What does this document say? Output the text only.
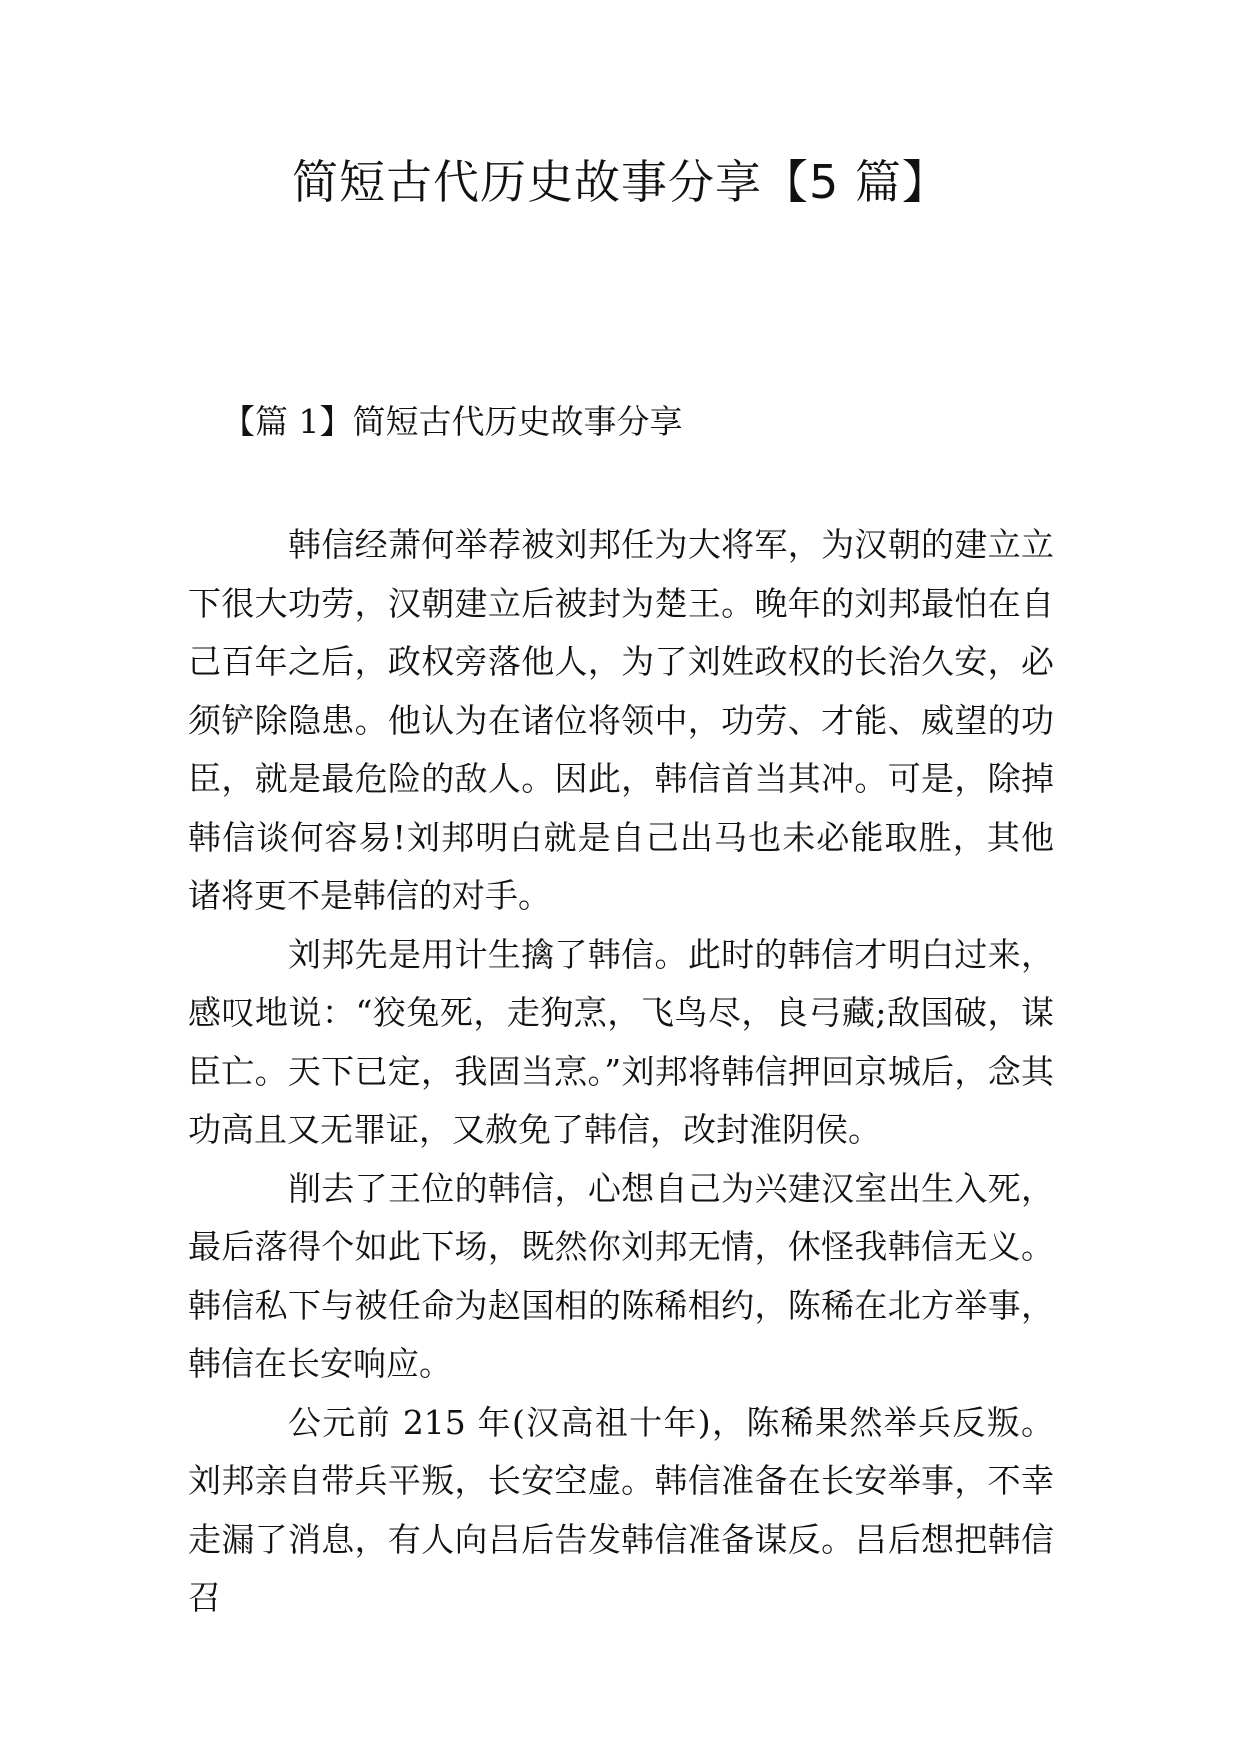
简短古代历史故事分享【5 篇】
【篇 1】简短古代历史故事分享

韩信经萧何举荐被刘邦任为大将军，为汉朝的建立立下很大功劳，汉朝建立后被封为楚王。晚年的刘邦最怕在自己百年之后，政权旁落他人，为了刘姓政权的长治久安，必须铲除隐患。他认为在诸位将领中，功劳、才能、威望的功臣，就是最危险的敌人。因此，韩信首当其冲。可是，除掉韩信谈何容易!刘邦明白就是自己出马也未必能取胜，其他诸将更不是韩信的对手。

刘邦先是用计生擒了韩信。此时的韩信才明白过来，感叹地说：“狡兔死，走狗烹，飞鸟尽，良弓藏;敌国破，谋臣亡。天下已定，我固当烹。”刘邦将韩信押回京城后，念其功高且又无罪证，又赦免了韩信，改封淮阴侯。

削去了王位的韩信，心想自己为兴建汉室出生入死，最后落得个如此下场，既然你刘邦无情，休怪我韩信无义。韩信私下与被任命为赵国相的陈稀相约，陈稀在北方举事，韩信在长安响应。

公元前 215 年(汉高祖十年)，陈稀果然举兵反叛。刘邦亲自带兵平叛，长安空虚。韩信准备在长安举事，不幸走漏了消息，有人向吕后告发韩信准备谋反。吕后想把韩信召
